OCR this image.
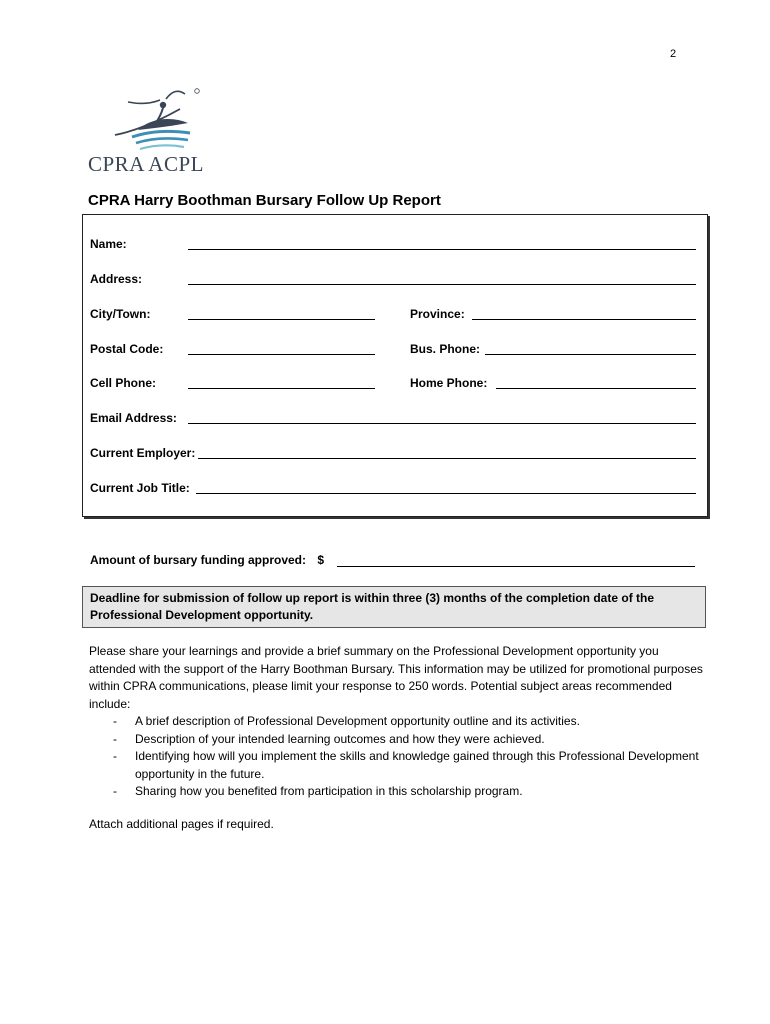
2
CPRA ACPL
CPRA Harry Boothman Bursary Follow Up Report
Name:
Address:
City/Town:	Province:
Postal Code:	Bus. Phone:
Cell Phone:	Home Phone:
Email Address:
Current Employer:
Current Job Title:
Amount of bursary funding approved: $
Deadline for submission of follow up report is within three (3) months of the completion date of the Professional Development opportunity.
Please share your learnings and provide a brief summary on the Professional Development opportunity you attended with the support of the Harry Boothman Bursary. This information may be utilized for promotional purposes within CPRA communications, please limit your response to 250 words. Potential subject areas recommended include:
- A brief description of Professional Development opportunity outline and its activities.
- Description of your intended learning outcomes and how they were achieved.
- Identifying how will you implement the skills and knowledge gained through this Professional Development opportunity in the future.
- Sharing how you benefited from participation in this scholarship program.
Attach additional pages if required.
